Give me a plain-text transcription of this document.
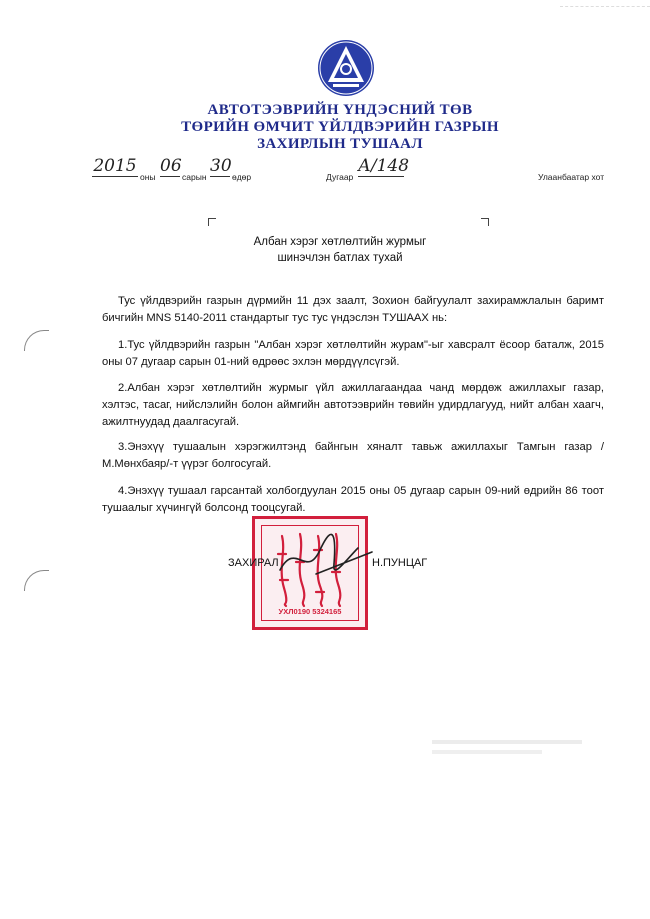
АВТОТЭЭВРИЙН ҮНДЭСНИЙ ТӨВ
ТӨРИЙН ӨМЧИТ ҮЙЛДВЭРИЙН ГАЗРЫН
ЗАХИРЛЫН ТУШААЛ
2015
оны
06
сарын
30
өдөр	Дугаар
А/148
Улаанбаатар хот
Албан хэрэг хөтлөлтийн журмыг
шинэчлэн батлах тухай
Тус үйлдвэрийн газрын дүрмийн 11 дэх заалт, Зохион байгуулалт захирамжлалын баримт бичгийн MNS 5140-2011 стандартыг тус тус үндэслэн ТУШААХ нь:
1.Тус үйлдвэрийн газрын "Албан хэрэг хөтлөлтийн журам"-ыг хавсралт ёсоор баталж, 2015 оны 07 дугаар сарын 01-ний өдрөөс эхлэн мөрдүүлсүгэй.
2.Албан хэрэг хөтлөлтийн журмыг үйл ажиллагаандаа чанд мөрдөж ажиллахыг газар, хэлтэс, тасаг, нийслэлийн болон аймгийн автотээврийн төвийн удирдлагууд, нийт албан хаагч, ажилтнуудад даалгасугай.
3.Энэхүү тушаалын хэрэгжилтэнд байнгын хяналт тавьж ажиллахыг Тамгын газар /М.Мөнхбаяр/-т үүрэг болгосугай.
4.Энэхүү тушаал гарсантай холбогдуулан 2015 оны 05 дугаар сарын 09-ний өдрийн 86 тоот тушаалыг хүчингүй болсонд тооцсугай.
УХЛ0190 5324165
ЗАХИРАЛ	Н.ПУНЦАГ
